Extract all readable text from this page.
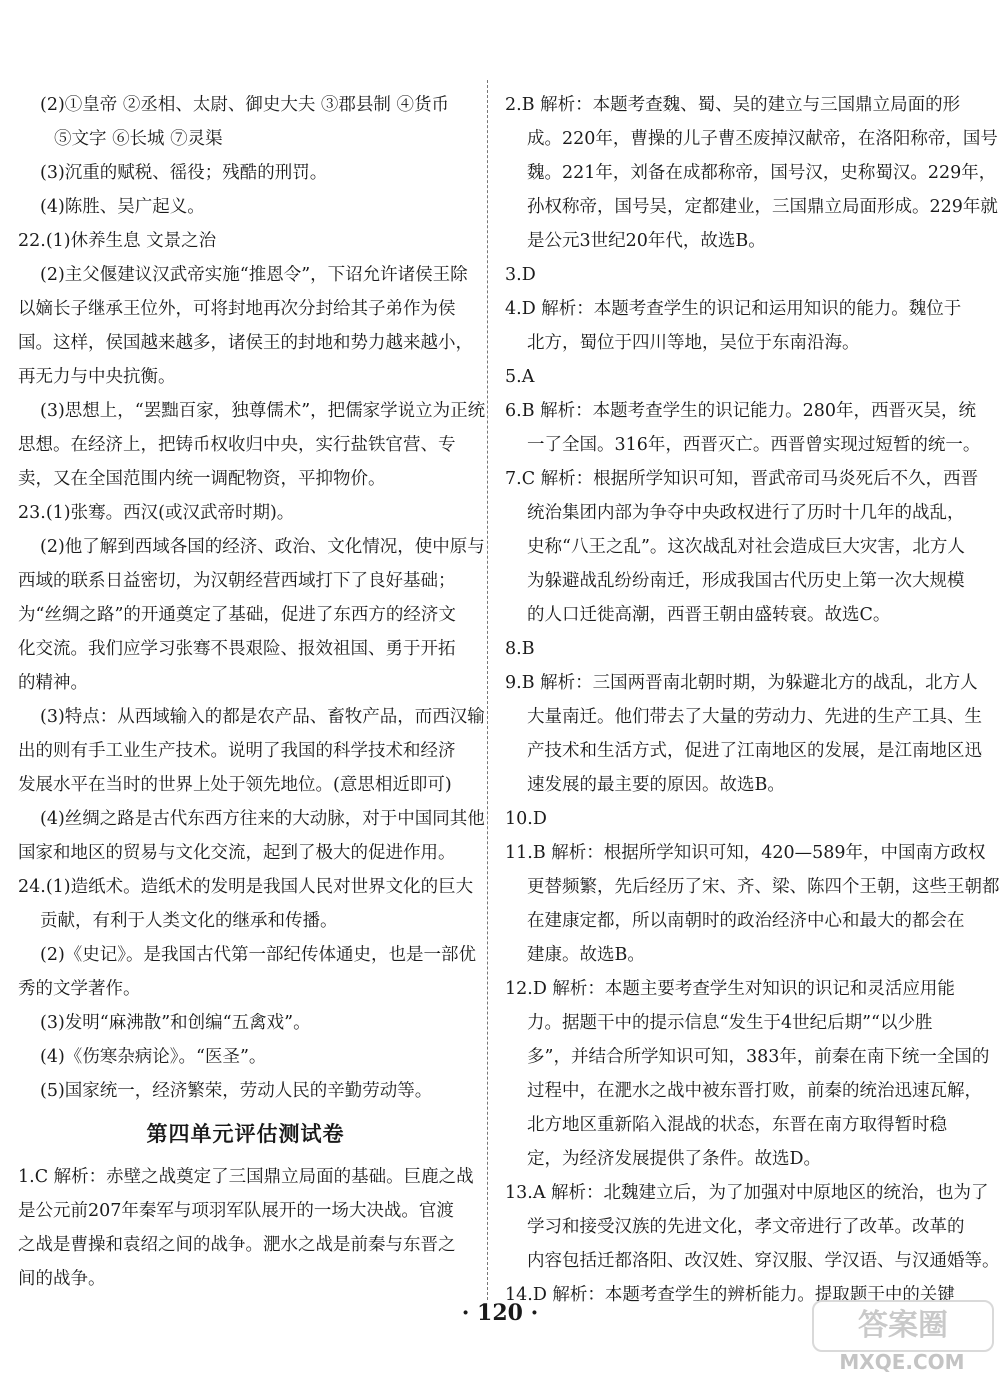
(2)①皇帝 ②丞相、太尉、御史大夫 ③郡县制 ④货币
⑤文字 ⑥长城 ⑦灵渠
(3)沉重的赋税、徭役；残酷的刑罚。
(4)陈胜、吴广起义。
22.(1)休养生息 文景之治
(2)主父偃建议汉武帝实施“推恩令”，下诏允许诸侯王除
以嫡长子继承王位外，可将封地再次分封给其子弟作为侯
国。这样，侯国越来越多，诸侯王的封地和势力越来越小，
再无力与中央抗衡。
(3)思想上，“罢黜百家，独尊儒术”，把儒家学说立为正统
思想。在经济上，把铸币权收归中央，实行盐铁官营、专
卖，又在全国范围内统一调配物资，平抑物价。
23.(1)张骞。西汉(或汉武帝时期)。
(2)他了解到西域各国的经济、政治、文化情况，使中原与
西域的联系日益密切，为汉朝经营西域打下了良好基础；
为“丝绸之路”的开通奠定了基础，促进了东西方的经济文
化交流。我们应学习张骞不畏艰险、报效祖国、勇于开拓
的精神。
(3)特点：从西域输入的都是农产品、畜牧产品，而西汉输
出的则有手工业生产技术。说明了我国的科学技术和经济
发展水平在当时的世界上处于领先地位。(意思相近即可)
(4)丝绸之路是古代东西方往来的大动脉，对于中国同其他
国家和地区的贸易与文化交流，起到了极大的促进作用。
24.(1)造纸术。造纸术的发明是我国人民对世界文化的巨大
贡献，有利于人类文化的继承和传播。
(2)《史记》。是我国古代第一部纪传体通史，也是一部优
秀的文学著作。
(3)发明“麻沸散”和创编“五禽戏”。
(4)《伤寒杂病论》。“医圣”。
(5)国家统一，经济繁荣，劳动人民的辛勤劳动等。
第四单元评估测试卷
1.C 解析：赤壁之战奠定了三国鼎立局面的基础。巨鹿之战
是公元前207年秦军与项羽军队展开的一场大决战。官渡
之战是曹操和袁绍之间的战争。淝水之战是前秦与东晋之
间的战争。
2.B 解析：本题考查魏、蜀、吴的建立与三国鼎立局面的形
成。220年，曹操的儿子曹丕废掉汉献帝，在洛阳称帝，国号
魏。221年，刘备在成都称帝，国号汉，史称蜀汉。229年，
孙权称帝，国号吴，定都建业，三国鼎立局面形成。229年就
是公元3世纪20年代，故选B。
3.D
4.D 解析：本题考查学生的识记和运用知识的能力。魏位于
北方，蜀位于四川等地，吴位于东南沿海。
5.A
6.B 解析：本题考查学生的识记能力。280年，西晋灭吴，统
一了全国。316年，西晋灭亡。西晋曾实现过短暂的统一。
7.C 解析：根据所学知识可知，晋武帝司马炎死后不久，西晋
统治集团内部为争夺中央政权进行了历时十几年的战乱，
史称“八王之乱”。这次战乱对社会造成巨大灾害，北方人
为躲避战乱纷纷南迁，形成我国古代历史上第一次大规模
的人口迁徙高潮，西晋王朝由盛转衰。故选C。
8.B
9.B 解析：三国两晋南北朝时期，为躲避北方的战乱，北方人
大量南迁。他们带去了大量的劳动力、先进的生产工具、生
产技术和生活方式，促进了江南地区的发展，是江南地区迅
速发展的最主要的原因。故选B。
10.D
11.B 解析：根据所学知识可知，420—589年，中国南方政权
更替频繁，先后经历了宋、齐、梁、陈四个王朝，这些王朝都
在建康定都，所以南朝时的政治经济中心和最大的都会在
建康。故选B。
12.D 解析：本题主要考查学生对知识的识记和灵活应用能
力。据题干中的提示信息“发生于4世纪后期”“以少胜
多”，并结合所学知识可知，383年，前秦在南下统一全国的
过程中，在淝水之战中被东晋打败，前秦的统治迅速瓦解，
北方地区重新陷入混战的状态，东晋在南方取得暂时稳
定，为经济发展提供了条件。故选D。
13.A 解析：北魏建立后，为了加强对中原地区的统治，也为了
学习和接受汉族的先进文化，孝文帝进行了改革。改革的
内容包括迁都洛阳、改汉姓、穿汉服、学汉语、与汉通婚等。
14.D 解析：本题考查学生的辨析能力。提取题干中的关键
· 120 ·	答案圈
MXQE.COM
